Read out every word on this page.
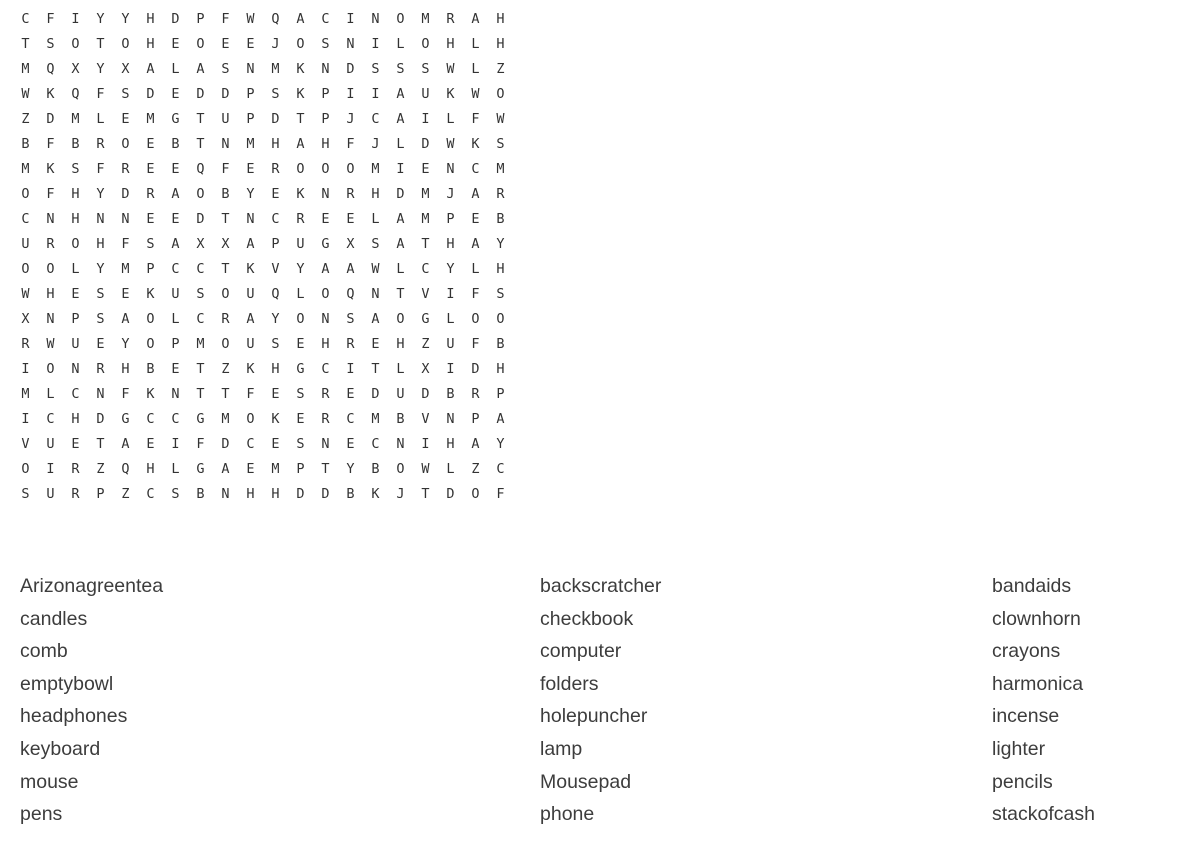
C	F	I	Y	Y	H	D	P	F	W	Q	A	C	I	N	O	M	R	A	H
T	S	O	T	O	H	E	O	E	E	J	O	S	N	I	L	O	H	L	H
M	Q	X	Y	X	A	L	A	S	N	M	K	N	D	S	S	S	W	L	Z
W	K	Q	F	S	D	E	D	D	P	S	K	P	I	I	A	U	K	W	O
Z	D	M	L	E	M	G	T	U	P	D	T	P	J	C	A	I	L	F	W
B	F	B	R	O	E	B	T	N	M	H	A	H	F	J	L	D	W	K	S
M	K	S	F	R	E	E	Q	F	E	R	O	O	O	M	I	E	N	C	M
O	F	H	Y	D	R	A	O	B	Y	E	K	N	R	H	D	M	J	A	R
C	N	H	N	N	E	E	D	T	N	C	R	E	E	L	A	M	P	E	B
U	R	O	H	F	S	A	X	X	A	P	U	G	X	S	A	T	H	A	Y
O	O	L	Y	M	P	C	C	T	K	V	Y	A	A	W	L	C	Y	L	H
W	H	E	S	E	K	U	S	O	U	Q	L	O	Q	N	T	V	I	F	S
X	N	P	S	A	O	L	C	R	A	Y	O	N	S	A	O	G	L	O	O
R	W	U	E	Y	O	P	M	O	U	S	E	H	R	E	H	Z	U	F	B
I	O	N	R	H	B	E	T	Z	K	H	G	C	I	T	L	X	I	D	H
M	L	C	N	F	K	N	T	T	F	E	S	R	E	D	U	D	B	R	P
I	C	H	D	G	C	C	G	M	O	K	E	R	C	M	B	V	N	P	A
V	U	E	T	A	E	I	F	D	C	E	S	N	E	C	N	I	H	A	Y
O	I	R	Z	Q	H	L	G	A	E	M	P	T	Y	B	O	W	L	Z	C
S	U	R	P	Z	C	S	B	N	H	H	D	D	B	K	J	T	D	O	F
Arizonagreentea
candles
comb
emptybowl
headphones
keyboard
mouse
pens
backscratcher
checkbook
computer
folders
holepuncher
lamp
Mousepad
phone
bandaids
clownhorn
crayons
harmonica
incense
lighter
pencils
stackofcash
